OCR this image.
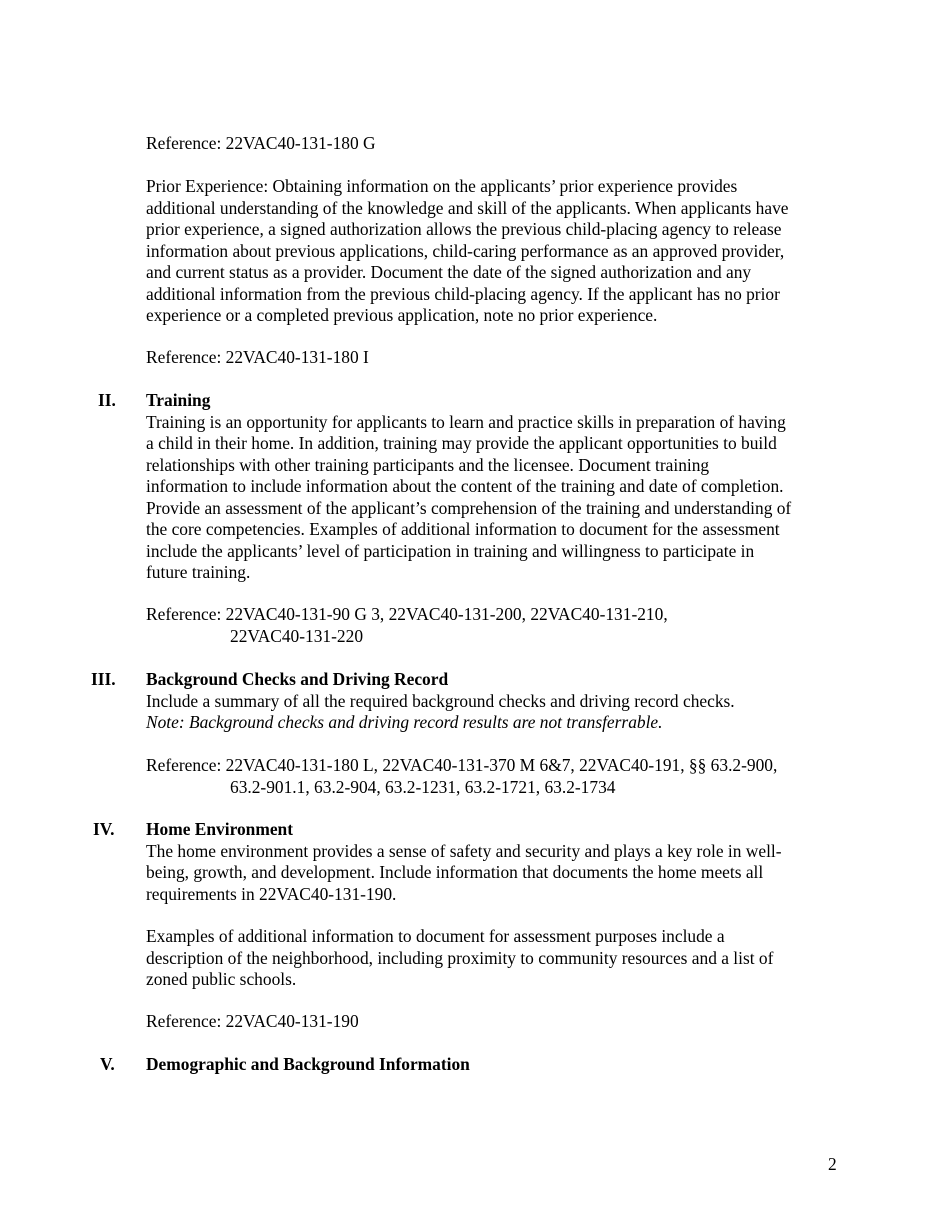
Reference: 22VAC40-131-180 G

Prior Experience: Obtaining information on the applicants’ prior experience provides

additional understanding of the knowledge and skill of the applicants. When applicants have

prior experience, a signed authorization allows the previous child-placing agency to release

information about previous applications, child-caring performance as an approved provider,

and current status as a provider. Document the date of the signed authorization and any

additional information from the previous child-placing agency. If the applicant has no prior

experience or a completed previous application, note no prior experience.

Reference: 22VAC40-131-180 I
II. Training

Training is an opportunity for applicants to learn and practice skills in preparation of having

a child in their home. In addition, training may provide the applicant opportunities to build

relationships with other training participants and the licensee. Document training

information to include information about the content of the training and date of completion.

Provide an assessment of the applicant’s comprehension of the training and understanding of

the core competencies. Examples of additional information to document for the assessment

include the applicants’ level of participation in training and willingness to participate in

future training.

Reference: 22VAC40-131-90 G 3, 22VAC40-131-200, 22VAC40-131-210,

22VAC40-131-220

III. Background Checks and Driving Record

Include a summary of all the required background checks and driving record checks.

Note: Background checks and driving record results are not transferrable.

Reference: 22VAC40-131-180 L, 22VAC40-131-370 M 6&7, 22VAC40-191, §§ 63.2-900,

63.2-901.1, 63.2-904, 63.2-1231, 63.2-1721, 63.2-1734

IV. Home Environment

The home environment provides a sense of safety and security and plays a key role in well-

being, growth, and development. Include information that documents the home meets all

requirements in 22VAC40-131-190.

Examples of additional information to document for assessment purposes include a

description of the neighborhood, including proximity to community resources and a list of

zoned public schools.

Reference: 22VAC40-131-190
V. Demographic and Background Information
2
